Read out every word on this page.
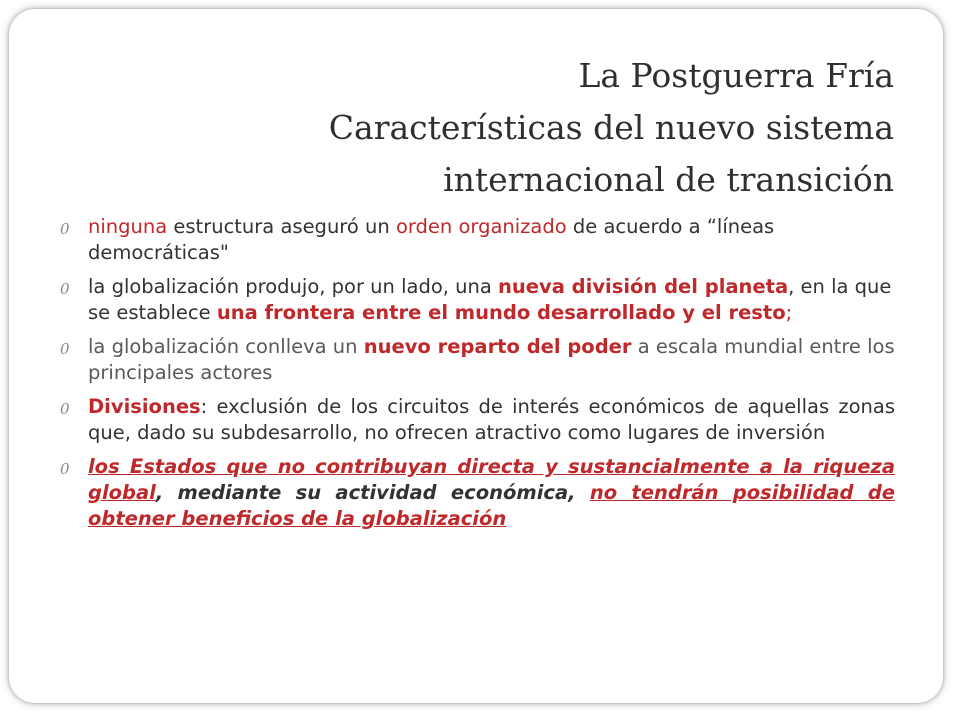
La Postguerra Fría
Características del nuevo sistema
internacional de transición
0 ninguna estructura aseguró un orden organizado de acuerdo a “líneas democráticas"
0 la globalización produjo, por un lado, una nueva división del planeta, en la que se establece una frontera entre el mundo desarrollado y el resto;
0 la globalización conlleva un nuevo reparto del poder a escala mundial entre los principales actores
0 Divisiones: exclusión de los circuitos de interés económicos de aquellas zonas que, dado su subdesarrollo, no ofrecen atractivo como lugares de inversión
0 los Estados que no contribuyan directa y sustancialmente a la riqueza global, mediante su actividad económica, no tendrán posibilidad de obtener beneficios de la globalización
